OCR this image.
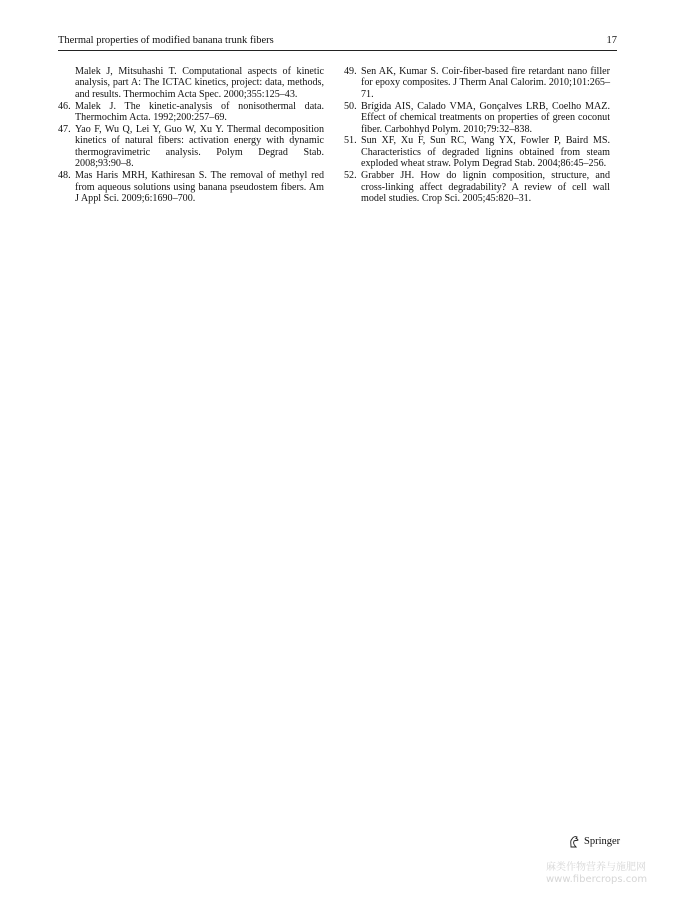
Thermal properties of modified banana trunk fibers	17
Malek J, Mitsuhashi T. Computational aspects of kinetic analysis, part A: The ICTAC kinetics, project: data, methods, and results. Thermochim Acta Spec. 2000;355:125–43.
46. Malek J. The kinetic-analysis of nonisothermal data. Thermochim Acta. 1992;200:257–69.
47. Yao F, Wu Q, Lei Y, Guo W, Xu Y. Thermal decomposition kinetics of natural fibers: activation energy with dynamic thermogravimetric analysis. Polym Degrad Stab. 2008;93:90–8.
48. Mas Haris MRH, Kathiresan S. The removal of methyl red from aqueous solutions using banana pseudostem fibers. Am J Appl Sci. 2009;6:1690–700.
49. Sen AK, Kumar S. Coir-fiber-based fire retardant nano filler for epoxy composites. J Therm Anal Calorim. 2010;101:265–71.
50. Brígida AIS, Calado VMA, Gonçalves LRB, Coelho MAZ. Effect of chemical treatments on properties of green coconut fiber. Carbohhyd Polym. 2010;79:32–838.
51. Sun XF, Xu F, Sun RC, Wang YX, Fowler P, Baird MS. Characteristics of degraded lignins obtained from steam exploded wheat straw. Polym Degrad Stab. 2004;86:45–256.
52. Grabber JH. How do lignin composition, structure, and cross-linking affect degradability? A review of cell wall model studies. Crop Sci. 2005;45:820–31.
Springer
麻类作物营养与施肥网
www.fibercrops.com
